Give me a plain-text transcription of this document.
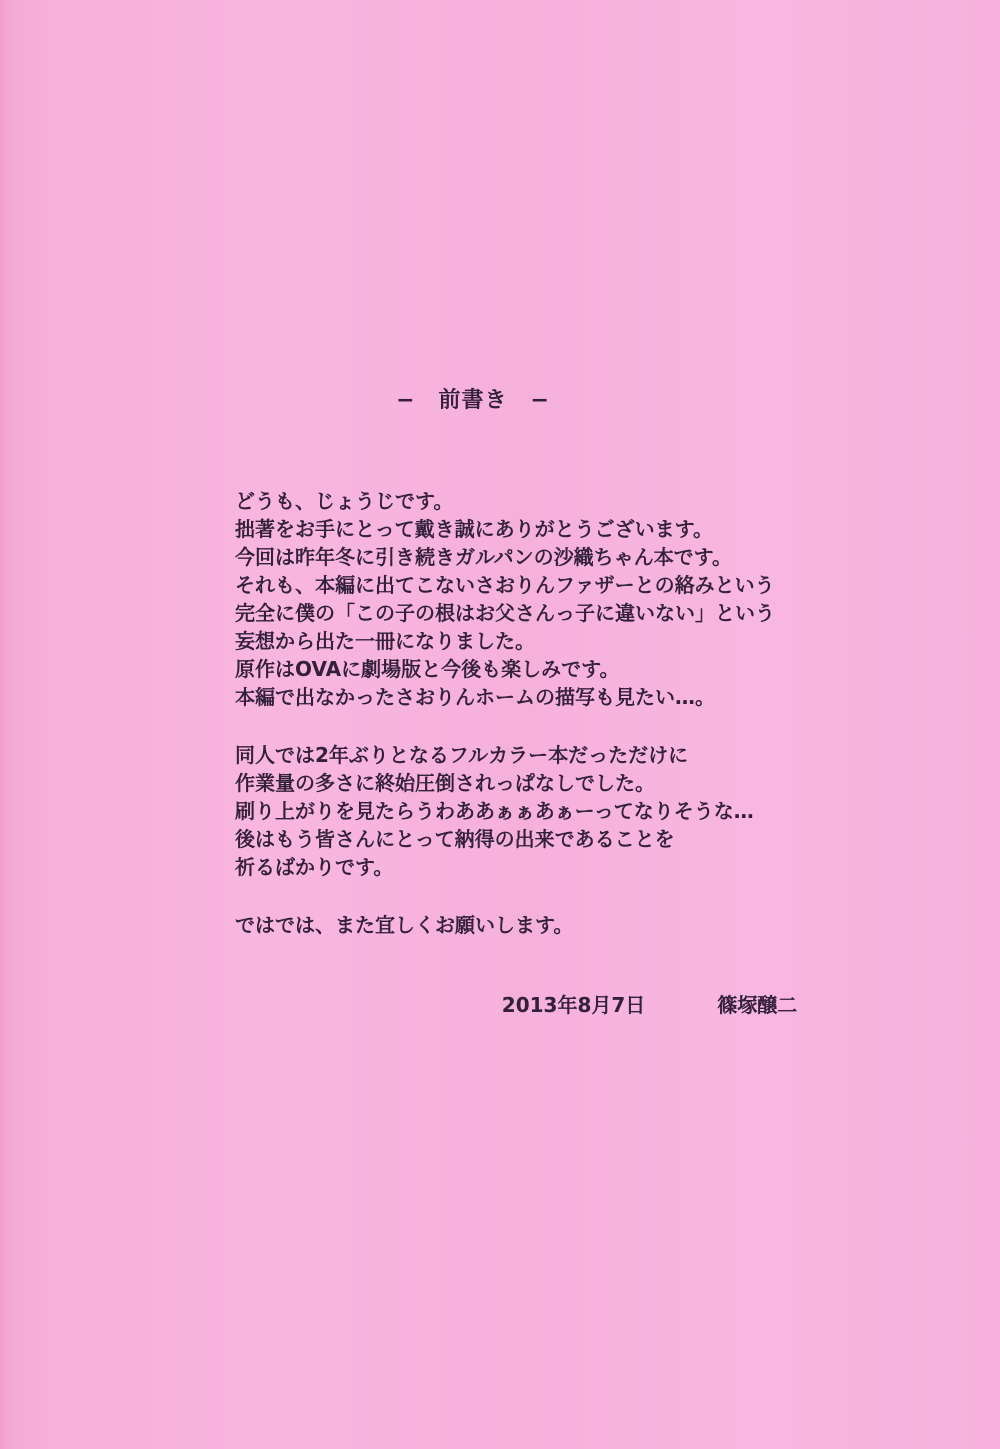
−　前書き　−

どうも、じょうじです。
拙著をお手にとって戴き誠にありがとうございます。
今回は昨年冬に引き続きガルパンの沙織ちゃん本です。
それも、本編に出てこないさおりんファザーとの絡みという
完全に僕の「この子の根はお父さんっ子に違いない」という
妄想から出た一冊になりました。
原作はOVAに劇場版と今後も楽しみです。
本編で出なかったさおりんホームの描写も見たい…。

同人では2年ぶりとなるフルカラー本だっただけに
作業量の多さに終始圧倒されっぱなしでした。
刷り上がりを見たらうわああぁぁあぁーってなりそうな…
後はもう皆さんにとって納得の出来であることを
祈るばかりです。

ではでは、また宜しくお願いします。

2013年8月7日	篠塚醸二
